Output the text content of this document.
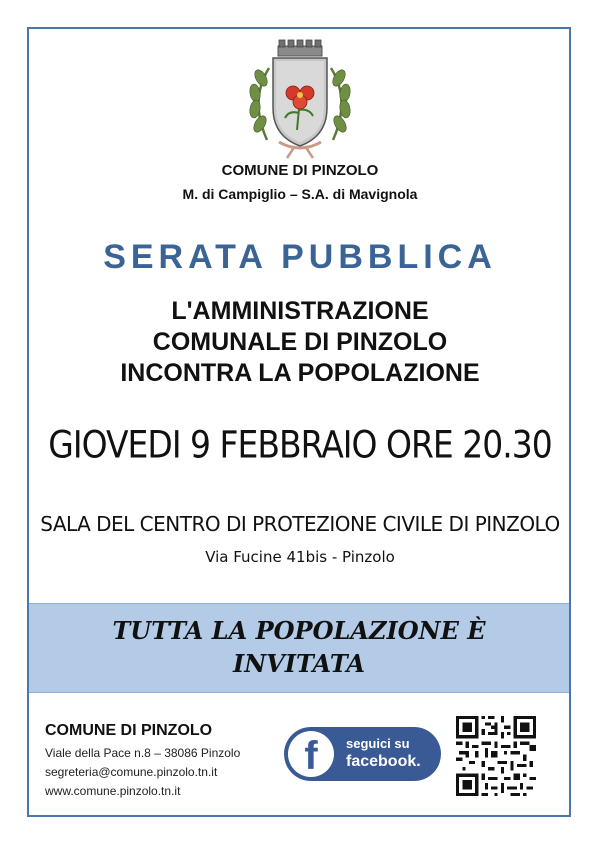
COMUNE DI PINZOLO
M. di Campiglio – S.A. di Mavignola
SERATA PUBBLICA
L'AMMINISTRAZIONE
COMUNALE DI PINZOLO
INCONTRA LA POPOLAZIONE
GIOVEDI 9 FEBBRAIO ORE 20.30
SALA DEL CENTRO DI PROTEZIONE CIVILE DI PINZOLO
Via Fucine 41bis - Pinzolo
TUTTA LA POPOLAZIONE È
INVITATA
COMUNE DI PINZOLO
Viale della Pace n.8 – 38086 Pinzolo
segreteria@comune.pinzolo.tn.it
www.comune.pinzolo.tn.it
f	seguici su
facebook.
